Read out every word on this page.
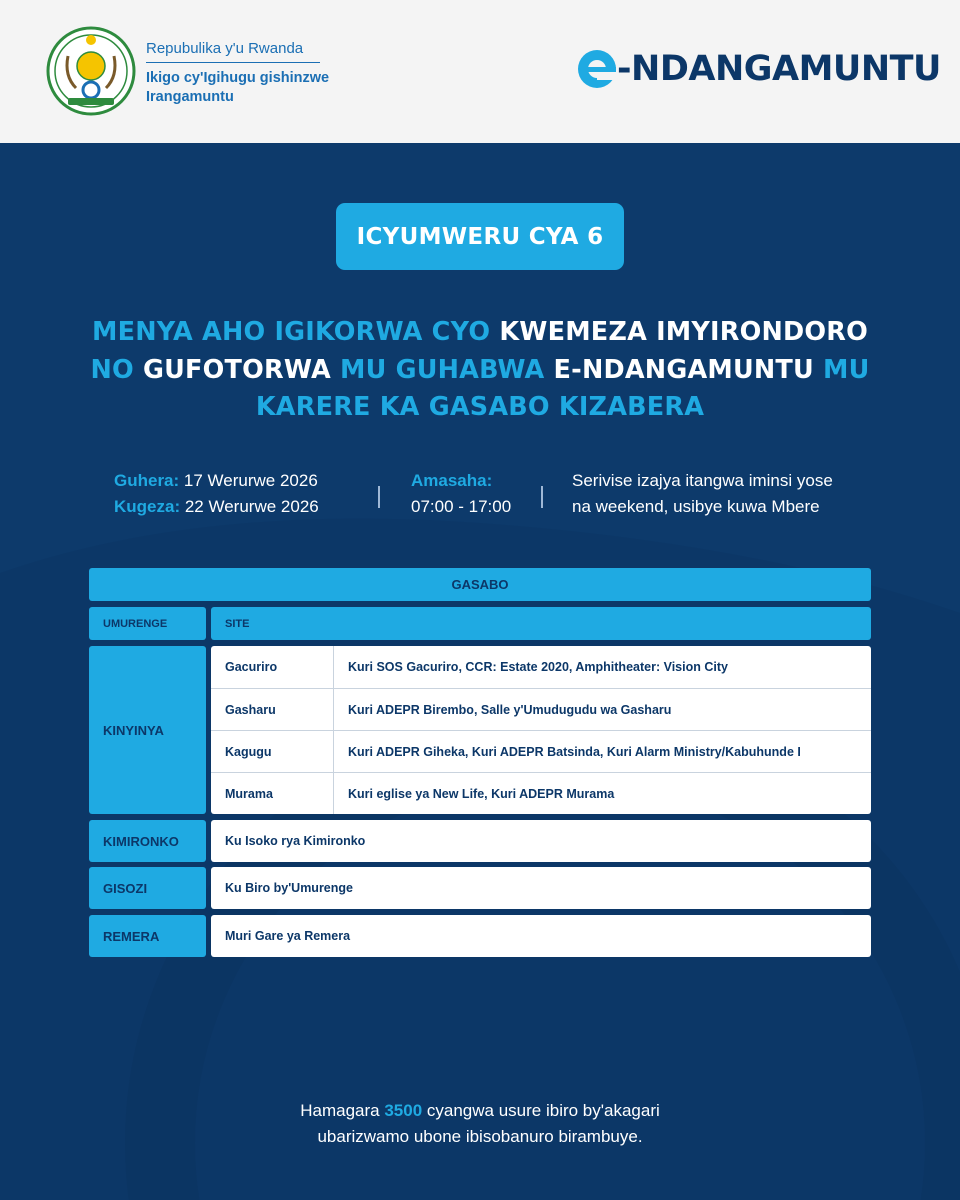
Repubulika y'u Rwanda
Ikigo cy'Igihugu gishinzwe
Irangamuntu
-NDANGAMUNTU
ICYUMWERU CYA 6
MENYA AHO IGIKORWA CYO KWEMEZA IMYIRONDORO
NO GUFOTORWA MU GUHABWA E-NDANGAMUNTU MU
KARERE KA GASABO KIZABERA
Guhera: 17 Werurwe 2026
Kugeza: 22 Werurwe 2026
Amasaha:
07:00 - 17:00
Serivise izajya itangwa iminsi yose
na weekend, usibye kuwa Mbere
GASABO
UMURENGE	SITE
KINYINYA
Gacuriro	Kuri SOS Gacuriro, CCR: Estate 2020, Amphitheater: Vision City
Gasharu	Kuri ADEPR Birembo, Salle y'Umudugudu wa Gasharu
Kagugu	Kuri ADEPR Giheka, Kuri ADEPR Batsinda, Kuri Alarm Ministry/Kabuhunde I
Murama	Kuri eglise ya New Life, Kuri ADEPR Murama
KIMIRONKO	Ku Isoko rya Kimironko
GISOZI	Ku Biro by'Umurenge
REMERA	Muri Gare ya Remera
Hamagara 3500 cyangwa usure ibiro by'akagari
ubarizwamo ubone ibisobanuro birambuye.
